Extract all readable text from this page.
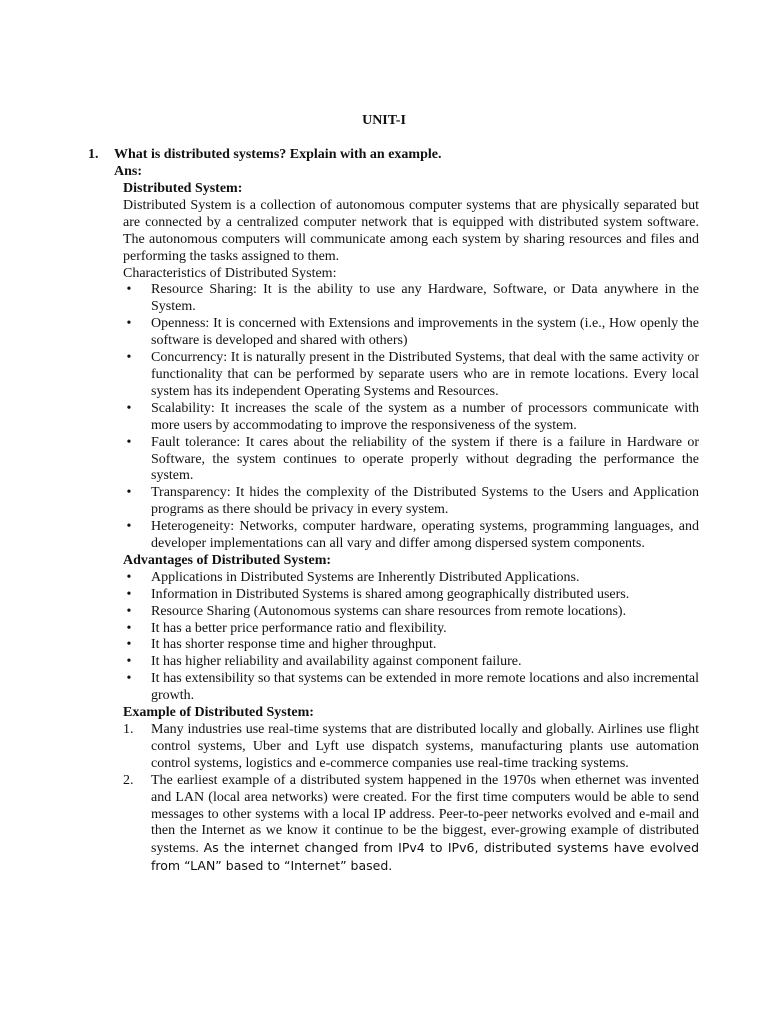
UNIT-I
1. What is distributed systems? Explain with an example.
Ans:

Distributed System:

Distributed System is a collection of autonomous computer systems that are physically separated but are connected by a centralized computer network that is equipped with distributed system software. The autonomous computers will communicate among each system by sharing resources and files and performing the tasks assigned to them.

Characteristics of Distributed System:

• Resource Sharing: It is the ability to use any Hardware, Software, or Data anywhere in the System.
• Openness: It is concerned with Extensions and improvements in the system (i.e., How openly the software is developed and shared with others)
• Concurrency: It is naturally present in the Distributed Systems, that deal with the same activity or functionality that can be performed by separate users who are in remote locations. Every local system has its independent Operating Systems and Resources.
• Scalability: It increases the scale of the system as a number of processors communicate with more users by accommodating to improve the responsiveness of the system.
• Fault tolerance: It cares about the reliability of the system if there is a failure in Hardware or Software, the system continues to operate properly without degrading the performance the system.
• Transparency: It hides the complexity of the Distributed Systems to the Users and Application programs as there should be privacy in every system.
• Heterogeneity: Networks, computer hardware, operating systems, programming languages, and developer implementations can all vary and differ among dispersed system components.

Advantages of Distributed System:

• Applications in Distributed Systems are Inherently Distributed Applications.
• Information in Distributed Systems is shared among geographically distributed users.
• Resource Sharing (Autonomous systems can share resources from remote locations).
• It has a better price performance ratio and flexibility.
• It has shorter response time and higher throughput.
• It has higher reliability and availability against component failure.
• It has extensibility so that systems can be extended in more remote locations and also incremental growth.

Example of Distributed System:

1. Many industries use real-time systems that are distributed locally and globally. Airlines use flight control systems, Uber and Lyft use dispatch systems, manufacturing plants use automation control systems, logistics and e-commerce companies use real-time tracking systems.
2. The earliest example of a distributed system happened in the 1970s when ethernet was invented and LAN (local area networks) were created. For the first time computers would be able to send messages to other systems with a local IP address. Peer-to-peer networks evolved and e-mail and then the Internet as we know it continue to be the biggest, ever-growing example of distributed systems. As the internet changed from IPv4 to IPv6, distributed systems have evolved from “LAN” based to “Internet” based.
